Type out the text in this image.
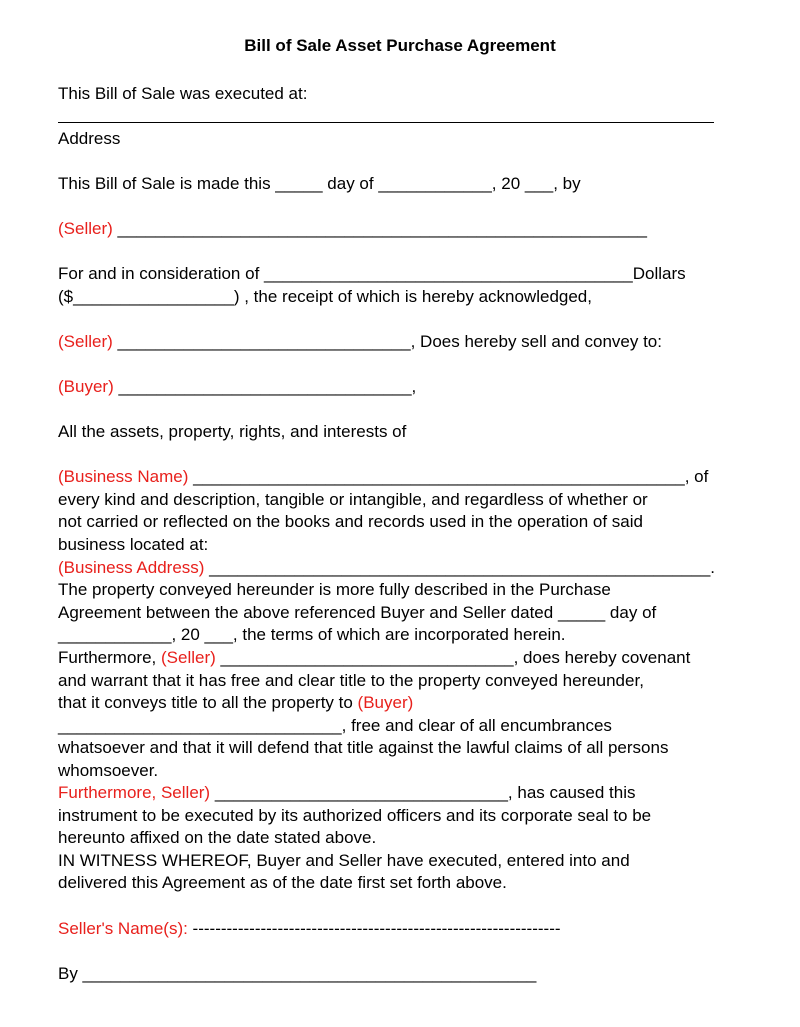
Bill of Sale Asset Purchase Agreement
This Bill of Sale was executed at:
Address
This Bill of Sale is made this _____ day of ____________, 20 ___, by
(Seller) ________________________________________________________
For and in consideration of _______________________________________Dollars
($_________________) , the receipt of which is hereby acknowledged,
(Seller) _______________________________, Does hereby sell and convey to:
(Buyer) _______________________________,
All the assets, property, rights, and interests of
(Business Name) ____________________________________________________, of
every kind and description, tangible or intangible, and regardless of whether or
not carried or reflected on the books and records used in the operation of said
business located at:
(Business Address) _____________________________________________________.
The property conveyed hereunder is more fully described in the Purchase
Agreement between the above referenced Buyer and Seller dated _____ day of
____________, 20 ___, the terms of which are incorporated herein.
Furthermore, (Seller) _______________________________, does hereby covenant
and warrant that it has free and clear title to the property conveyed hereunder,
that it conveys title to all the property to (Buyer)
______________________________, free and clear of all encumbrances
whatsoever and that it will defend that title against the lawful claims of all persons
whomsoever.
Furthermore, Seller) _______________________________, has caused this
instrument to be executed by its authorized officers and its corporate seal to be
hereunto affixed on the date stated above.
IN WITNESS WHEREOF, Buyer and Seller have executed, entered into and
delivered this Agreement as of the date first set forth above.
Seller's Name(s): -----------------------------------------------------------------
By ________________________________________________
